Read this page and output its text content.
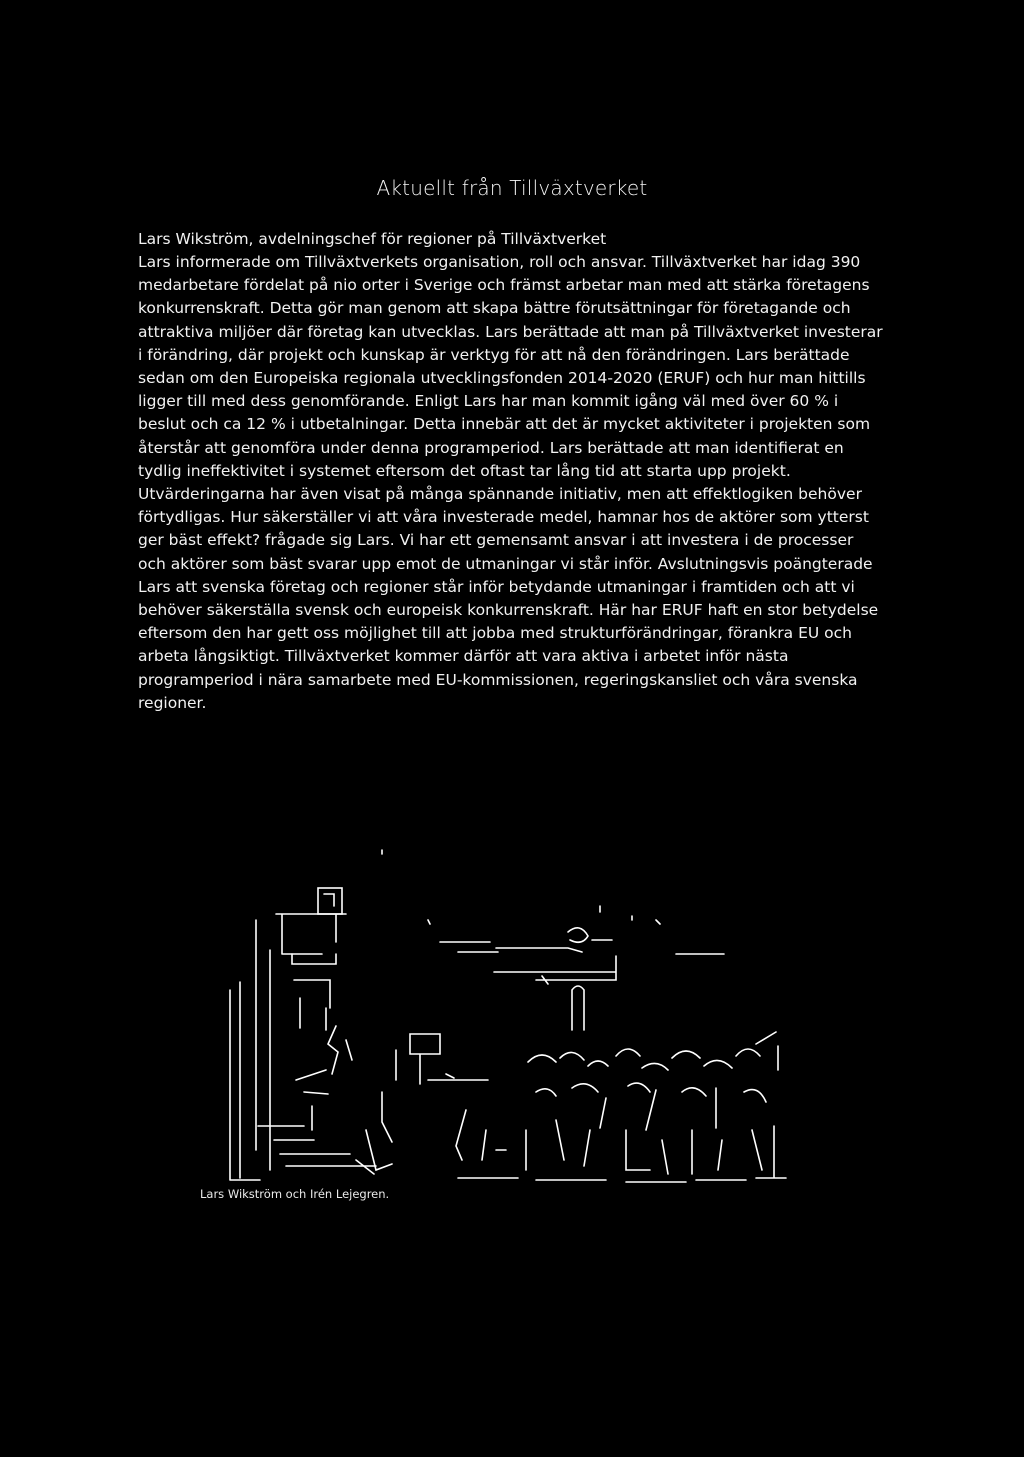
Aktuellt från Tillväxtverket

Lars Wikström, avdelningschef för regioner på Tillväxtverket

Lars informerade om Tillväxtverkets organisation, roll och ansvar. Tillväxtverket har idag 390 medarbetare fördelat på nio orter i Sverige och främst arbetar man med att stärka företagens konkurrenskraft. Detta gör man genom att skapa bättre förutsättningar för företagande och attraktiva miljöer där företag kan utvecklas. Lars berättade att man på Tillväxtverket investerar i förändring, där projekt och kunskap är verktyg för att nå den förändringen. Lars berättade sedan om den Europeiska regionala utvecklingsfonden 2014-2020 (ERUF) och hur man hittills ligger till med dess genomförande. Enligt Lars har man kommit igång väl med över 60 % i beslut och ca 12 % i utbetalningar. Detta innebär att det är mycket aktiviteter i projekten som återstår att genomföra under denna programperiod. Lars berättade att man identifierat en tydlig ineffektivitet i systemet eftersom det oftast tar lång tid att starta upp projekt. Utvärderingarna har även visat på många spännande initiativ, men att effektlogiken behöver förtydligas. Hur säkerställer vi att våra investerade medel, hamnar hos de aktörer som ytterst ger bäst effekt? frågade sig Lars. Vi har ett gemensamt ansvar i att investera i de processer och aktörer som bäst svarar upp emot de utmaningar vi står inför. Avslutningsvis poängterade Lars att svenska företag och regioner står inför betydande utmaningar i framtiden och att vi behöver säkerställa svensk och europeisk konkurrenskraft. Här har ERUF haft en stor betydelse eftersom den har gett oss möjlighet till att jobba med strukturförändringar, förankra EU och arbeta långsiktigt. Tillväxtverket kommer därför att vara aktiva i arbetet inför nästa programperiod i nära samarbete med EU-kommissionen, regeringskansliet och våra svenska regioner.

Lars Wikström och Irén Lejegren.
